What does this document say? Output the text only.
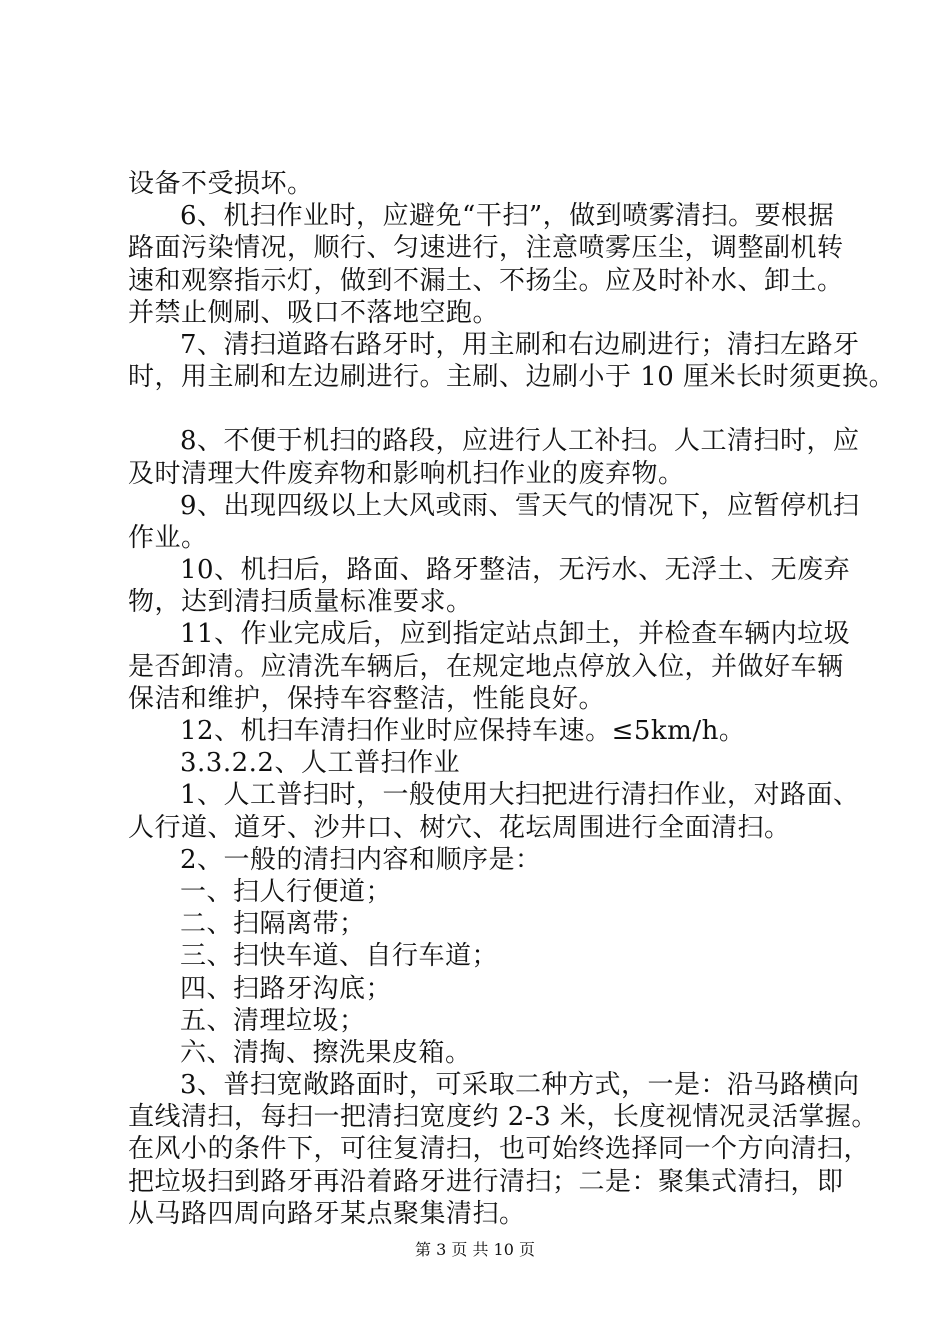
设备不受损坏。
6、机扫作业时，应避免“干扫”，做到喷雾清扫。要根据
路面污染情况，顺行、匀速进行，注意喷雾压尘，调整副机转
速和观察指示灯，做到不漏土、不扬尘。应及时补水、卸土。
并禁止侧刷、吸口不落地空跑。
7、清扫道路右路牙时，用主刷和右边刷进行；清扫左路牙
时，用主刷和左边刷进行。主刷、边刷小于 10 厘米长时须更换。
8、不便于机扫的路段，应进行人工补扫。人工清扫时，应
及时清理大件废弃物和影响机扫作业的废弃物。
9、出现四级以上大风或雨、雪天气的情况下，应暂停机扫
作业。
10、机扫后，路面、路牙整洁，无污水、无浮土、无废弃
物，达到清扫质量标准要求。
11、作业完成后，应到指定站点卸土，并检查车辆内垃圾
是否卸清。应清洗车辆后，在规定地点停放入位，并做好车辆
保洁和维护，保持车容整洁，性能良好。
12、机扫车清扫作业时应保持车速。≤5km/h。
3.3.2.2、人工普扫作业
1、人工普扫时，一般使用大扫把进行清扫作业，对路面、
人行道、道牙、沙井口、树穴、花坛周围进行全面清扫。
2、一般的清扫内容和顺序是：
一、扫人行便道；
二、扫隔离带；
三、扫快车道、自行车道；
四、扫路牙沟底；
五、清理垃圾；
六、清掏、擦洗果皮箱。
3、普扫宽敞路面时，可采取二种方式，一是：沿马路横向
直线清扫，每扫一把清扫宽度约 2-3 米，长度视情况灵活掌握。
在风小的条件下，可往复清扫，也可始终选择同一个方向清扫，
把垃圾扫到路牙再沿着路牙进行清扫；二是：聚集式清扫，即
从马路四周向路牙某点聚集清扫。
第 3 页 共 10 页
